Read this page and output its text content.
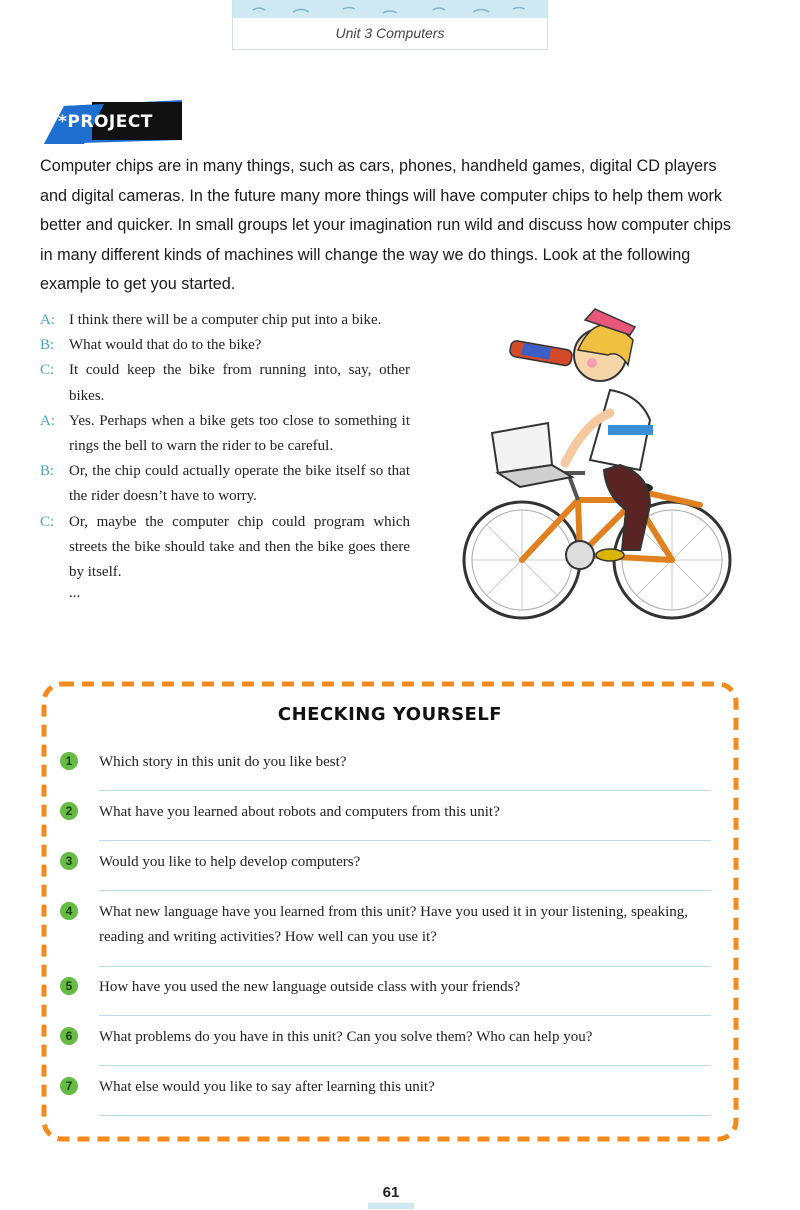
Unit 3 Computers
*PROJECT

Computer chips are in many things, such as cars, phones, handheld games, digital CD players and digital cameras. In the future many more things will have computer chips to help them work better and quicker. In small groups let your imagination run wild and discuss how computer chips in many different kinds of machines will change the way we do things. Look at the following example to get you started.

A: I think there will be a computer chip put into a bike.
B: What would that do to the bike?
C: It could keep the bike from running into, say, other bikes.
A: Yes. Perhaps when a bike gets too close to something it rings the bell to warn the rider to be careful.
B: Or, the chip could actually operate the bike itself so that the rider doesn’t have to worry.
C: Or, maybe the computer chip could program which streets the bike should take and then the bike goes there by itself.
...
CHECKING YOURSELF
1	Which story in this unit do you like best?
2	What have you learned about robots and computers from this unit?
3	Would you like to help develop computers?
4	What new language have you learned from this unit? Have you used it in your listening, speaking, reading and writing activities? How well can you use it?
5	How have you used the new language outside class with your friends?
6	What problems do you have in this unit? Can you solve them? Who can help you?
7	What else would you like to say after learning this unit?
61
